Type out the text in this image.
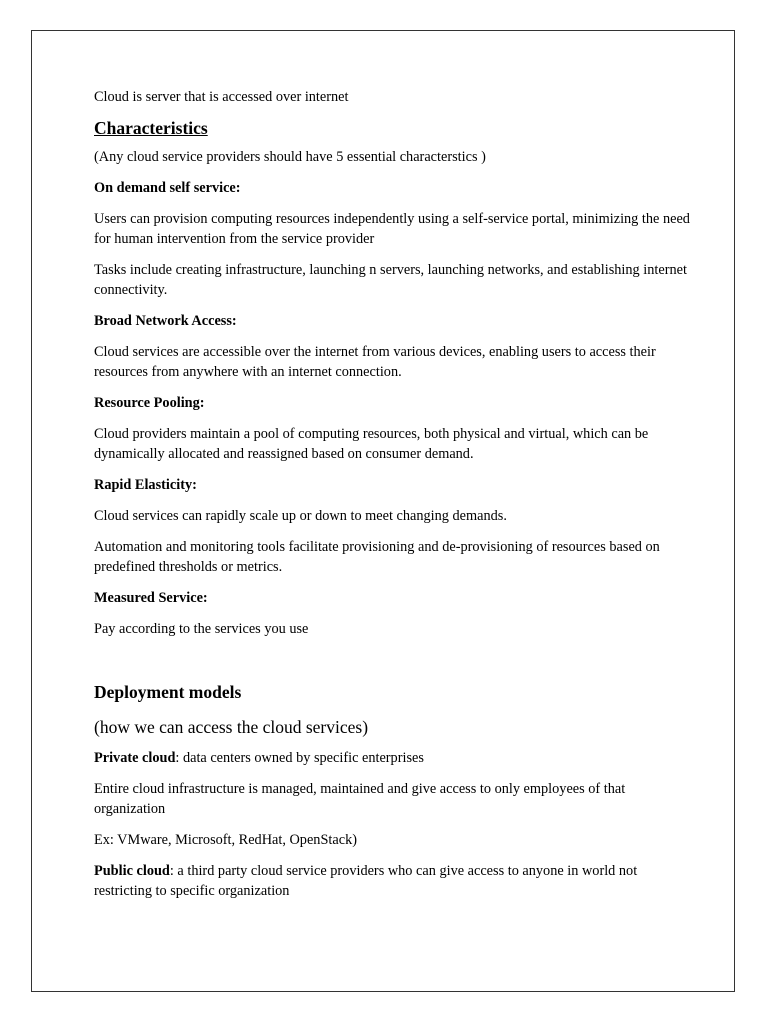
Cloud is server that is accessed over internet

Characteristics

(Any cloud service providers should have 5 essential characterstics )

On demand self service:

Users can provision computing resources independently using a self-service portal, minimizing the need for human intervention from the service provider

Tasks include creating infrastructure, launching n servers, launching networks, and establishing internet connectivity.

Broad Network Access:

Cloud services are accessible over the internet from various devices, enabling users to access their resources from anywhere with an internet connection.

Resource Pooling:

Cloud providers maintain a pool of computing resources, both physical and virtual, which can be dynamically allocated and reassigned based on consumer demand.

Rapid Elasticity:

Cloud services can rapidly scale up or down to meet changing demands.

Automation and monitoring tools facilitate provisioning and de-provisioning of resources based on predefined thresholds or metrics.

Measured Service:

Pay according to the services you use

Deployment models

(how we can access the cloud services)

Private cloud: data centers owned by specific enterprises

Entire cloud infrastructure is managed, maintained and give access to only employees of that organization

Ex: VMware, Microsoft, RedHat, OpenStack)

Public cloud: a third party cloud service providers who can give access to anyone in world not restricting to specific organization
